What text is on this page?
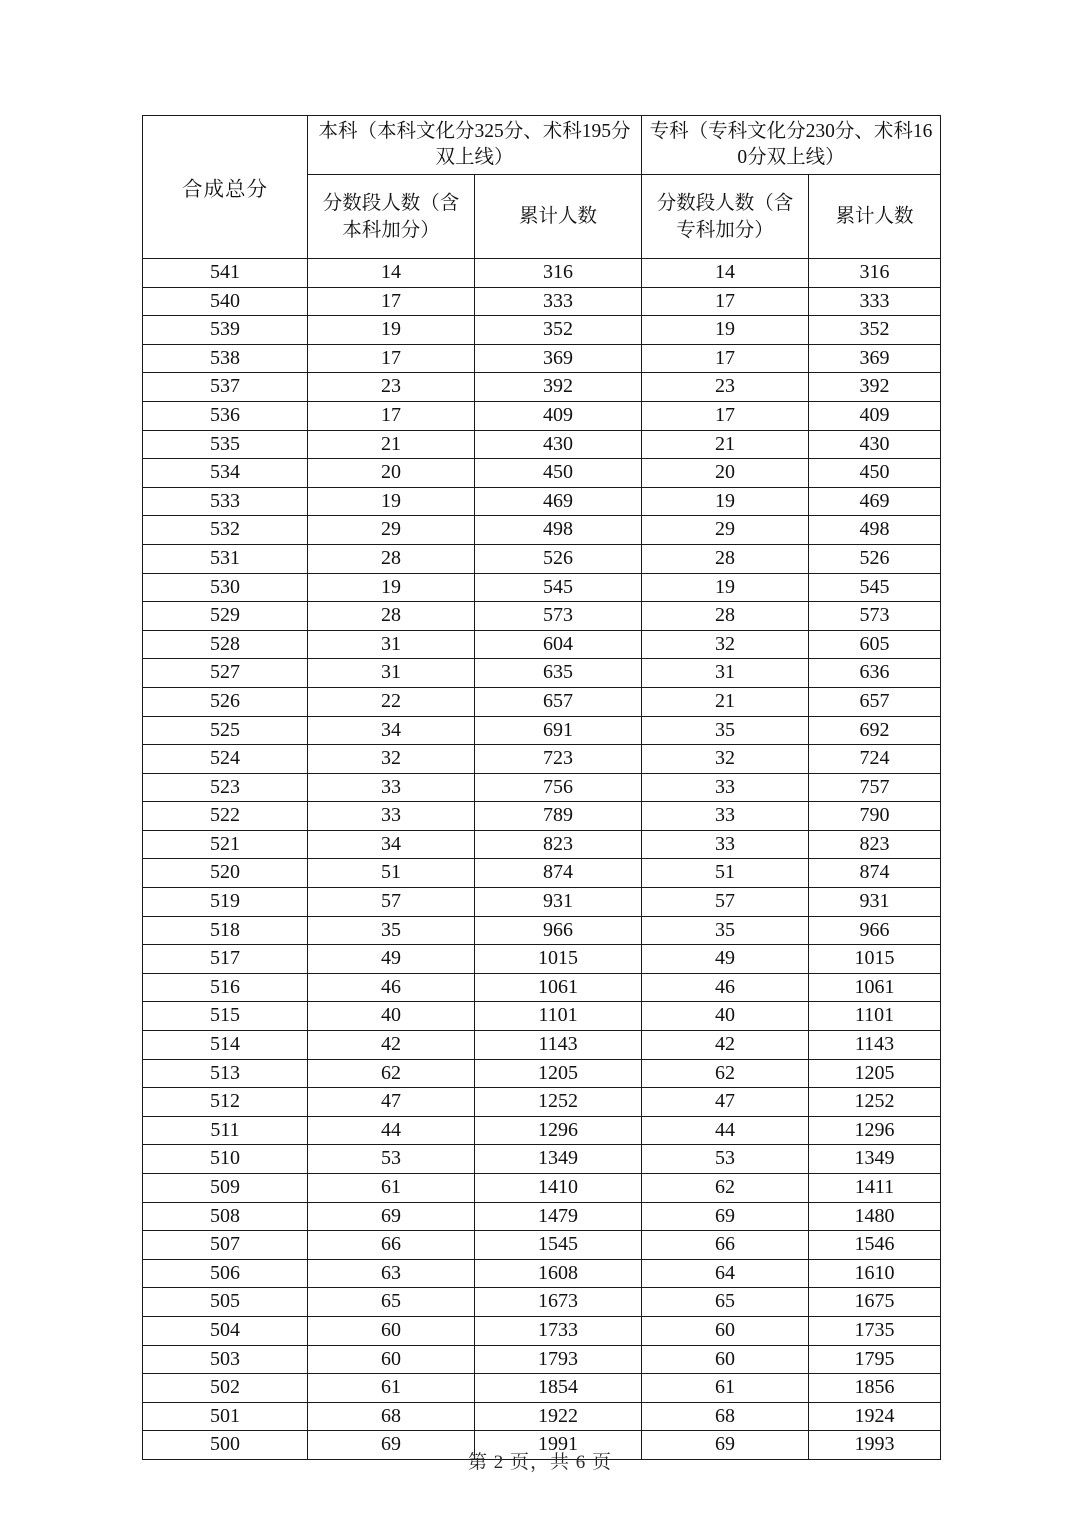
合成总分	本科（本科文化分325分、术科195分双上线）		专科（专科文化分230分、术科160分双上线）	

	分数段人数（含本科加分）	累计人数	分数段人数（含专科加分）	累计人数

541	14	316	14	316
540	17	333	17	333
539	19	352	19	352
538	17	369	17	369
537	23	392	23	392
536	17	409	17	409
535	21	430	21	430
534	20	450	20	450
533	19	469	19	469
532	29	498	29	498
531	28	526	28	526
530	19	545	19	545
529	28	573	28	573
528	31	604	32	605
527	31	635	31	636
526	22	657	21	657
525	34	691	35	692
524	32	723	32	724
523	33	756	33	757
522	33	789	33	790
521	34	823	33	823
520	51	874	51	874
519	57	931	57	931
518	35	966	35	966
517	49	1015	49	1015
516	46	1061	46	1061
515	40	1101	40	1101
514	42	1143	42	1143
513	62	1205	62	1205
512	47	1252	47	1252
511	44	1296	44	1296
510	53	1349	53	1349
509	61	1410	62	1411
508	69	1479	69	1480
507	66	1545	66	1546
506	63	1608	64	1610
505	65	1673	65	1675
504	60	1733	60	1735
503	60	1793	60	1795
502	61	1854	61	1856
501	68	1922	68	1924
500	69	1991	69	1993
第 2 页，共 6 页
